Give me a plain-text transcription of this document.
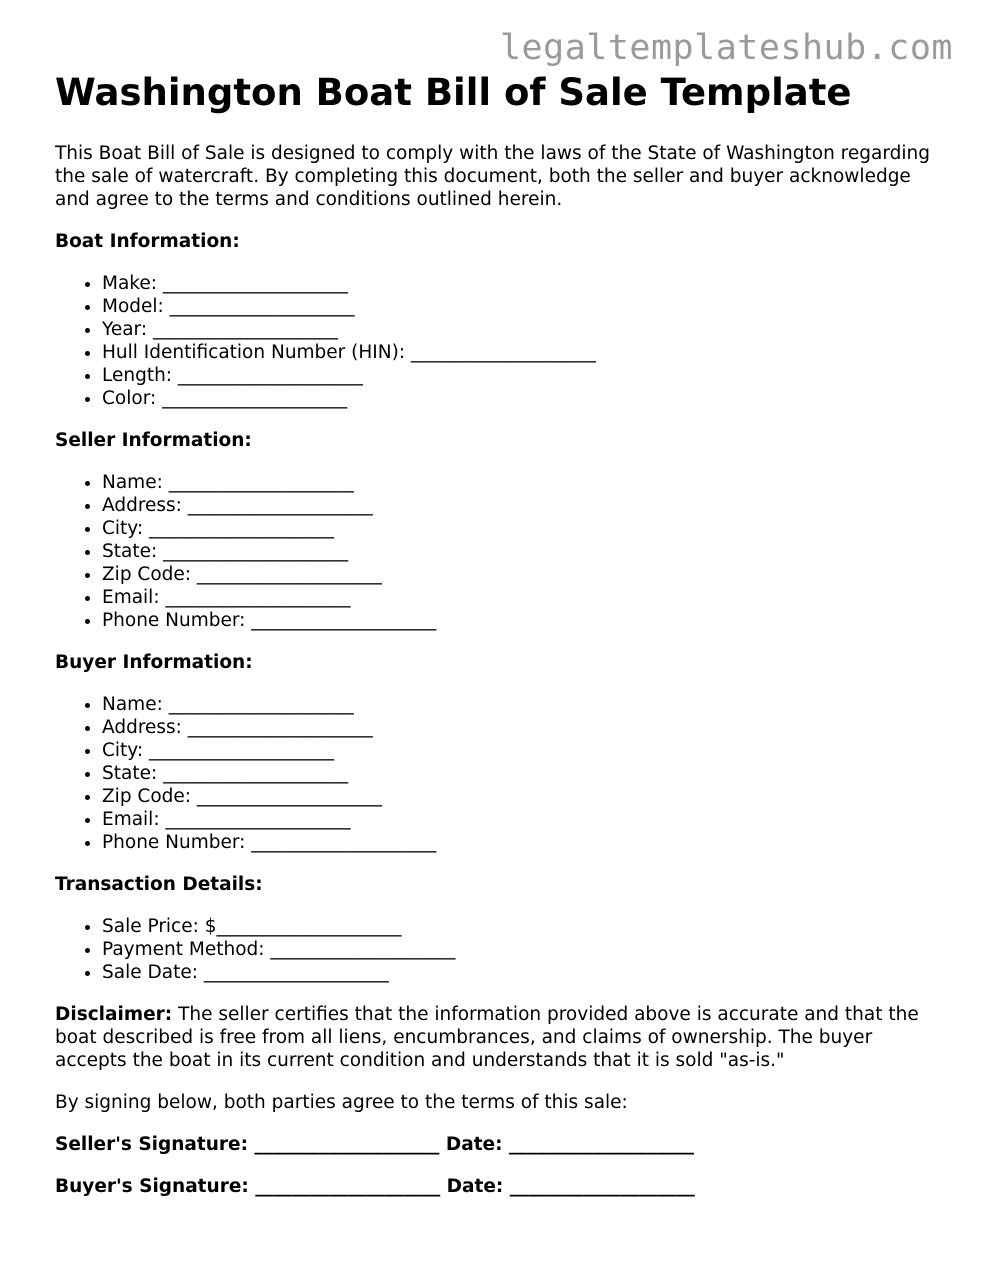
legaltemplateshub.com
Washington Boat Bill of Sale Template

This Boat Bill of Sale is designed to comply with the laws of the State of Washington regarding the sale of watercraft. By completing this document, both the seller and buyer acknowledge and agree to the terms and conditions outlined herein.

Boat Information:
• Make: ____________________
• Model: ____________________
• Year: ____________________
• Hull Identification Number (HIN): ____________________
• Length: ____________________
• Color: ____________________
Seller Information:
• Name: ____________________
• Address: ____________________
• City: ____________________
• State: ____________________
• Zip Code: ____________________
• Email: ____________________
• Phone Number: ____________________
Buyer Information:
• Name: ____________________
• Address: ____________________
• City: ____________________
• State: ____________________
• Zip Code: ____________________
• Email: ____________________
• Phone Number: ____________________
Transaction Details:
• Sale Price: $____________________
• Payment Method: ____________________
• Sale Date: ____________________

Disclaimer: The seller certifies that the information provided above is accurate and that the boat described is free from all liens, encumbrances, and claims of ownership. The buyer accepts the boat in its current condition and understands that it is sold "as-is."

By signing below, both parties agree to the terms of this sale:

Seller's Signature: ____________________ Date: ____________________
Buyer's Signature: ____________________ Date: ____________________
